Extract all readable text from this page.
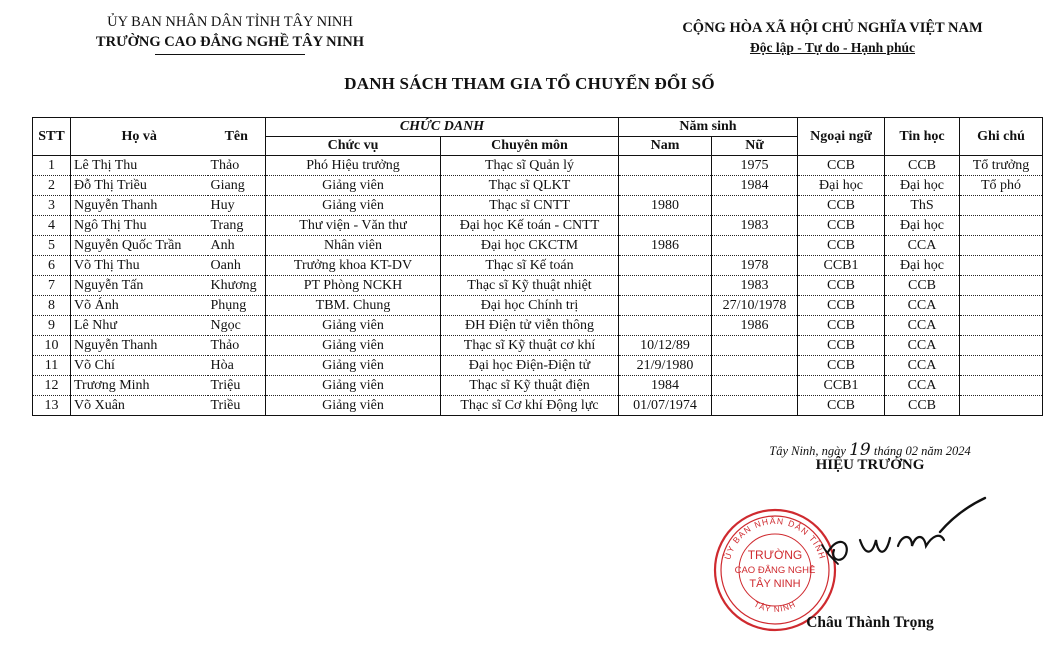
ỦY BAN NHÂN DÂN TỈNH TÂY NINH
TRƯỜNG CAO ĐẲNG NGHỀ TÂY NINH
CỘNG HÒA XÃ HỘI CHỦ NGHĨA VIỆT NAM
Độc lập - Tự do - Hạnh phúc
DANH SÁCH THAM GIA TỔ CHUYỂN ĐỔI SỐ
STT	Họ và	Tên	CHỨC DANH		Năm sinh		Ngoại ngữ	Tin học	Ghi chú
			Chức vụ	Chuyên môn	Nam	Nữ			
1	Lê Thị Thu	Thảo	Phó Hiệu trưởng	Thạc sĩ Quản lý		1975	CCB	CCB	Tổ trưởng
2	Đỗ Thị Triều	Giang	Giảng viên	Thạc sĩ QLKT		1984	Đại học	Đại học	Tổ phó
3	Nguyễn Thanh	Huy	Giảng viên	Thạc sĩ CNTT	1980		CCB	ThS	
4	Ngô Thị Thu	Trang	Thư viện - Văn thư	Đại học Kế toán - CNTT		1983	CCB	Đại học	
5	Nguyễn Quốc Trần	Anh	Nhân viên	Đại học CKCTM	1986		CCB	CCA	
6	Võ Thị Thu	Oanh	Trưởng khoa KT-DV	Thạc sĩ Kế toán		1978	CCB1	Đại học	
7	Nguyễn Tấn	Khương	PT Phòng NCKH	Thạc sĩ Kỹ thuật nhiệt		1983	CCB	CCB	
8	Võ Ánh	Phụng	TBM. Chung	Đại học Chính trị		27/10/1978	CCB	CCA	
9	Lê Như	Ngọc	Giảng viên	ĐH Điện tử viễn thông		1986	CCB	CCA	
10	Nguyễn Thanh	Thảo	Giảng viên	Thạc sĩ Kỹ thuật cơ khí	10/12/89		CCB	CCA	
11	Võ Chí	Hòa	Giảng viên	Đại học Điện-Điện tử	21/9/1980		CCB	CCA	
12	Trương Minh	Triệu	Giảng viên	Thạc sĩ Kỹ thuật điện	1984		CCB1	CCA	
13	Võ Xuân	Triều	Giảng viên	Thạc sĩ Cơ khí Động lực	01/07/1974		CCB	CCB	
Tây Ninh, ngày 19 tháng 02 năm 2024
HIỆU TRƯỞNG
ỦY BAN NHÂN DÂN TỈNH
TÂY NINH
TRƯỜNG
CAO ĐẲNG NGHỀ
TÂY NINH
Châu Thành Trọng
